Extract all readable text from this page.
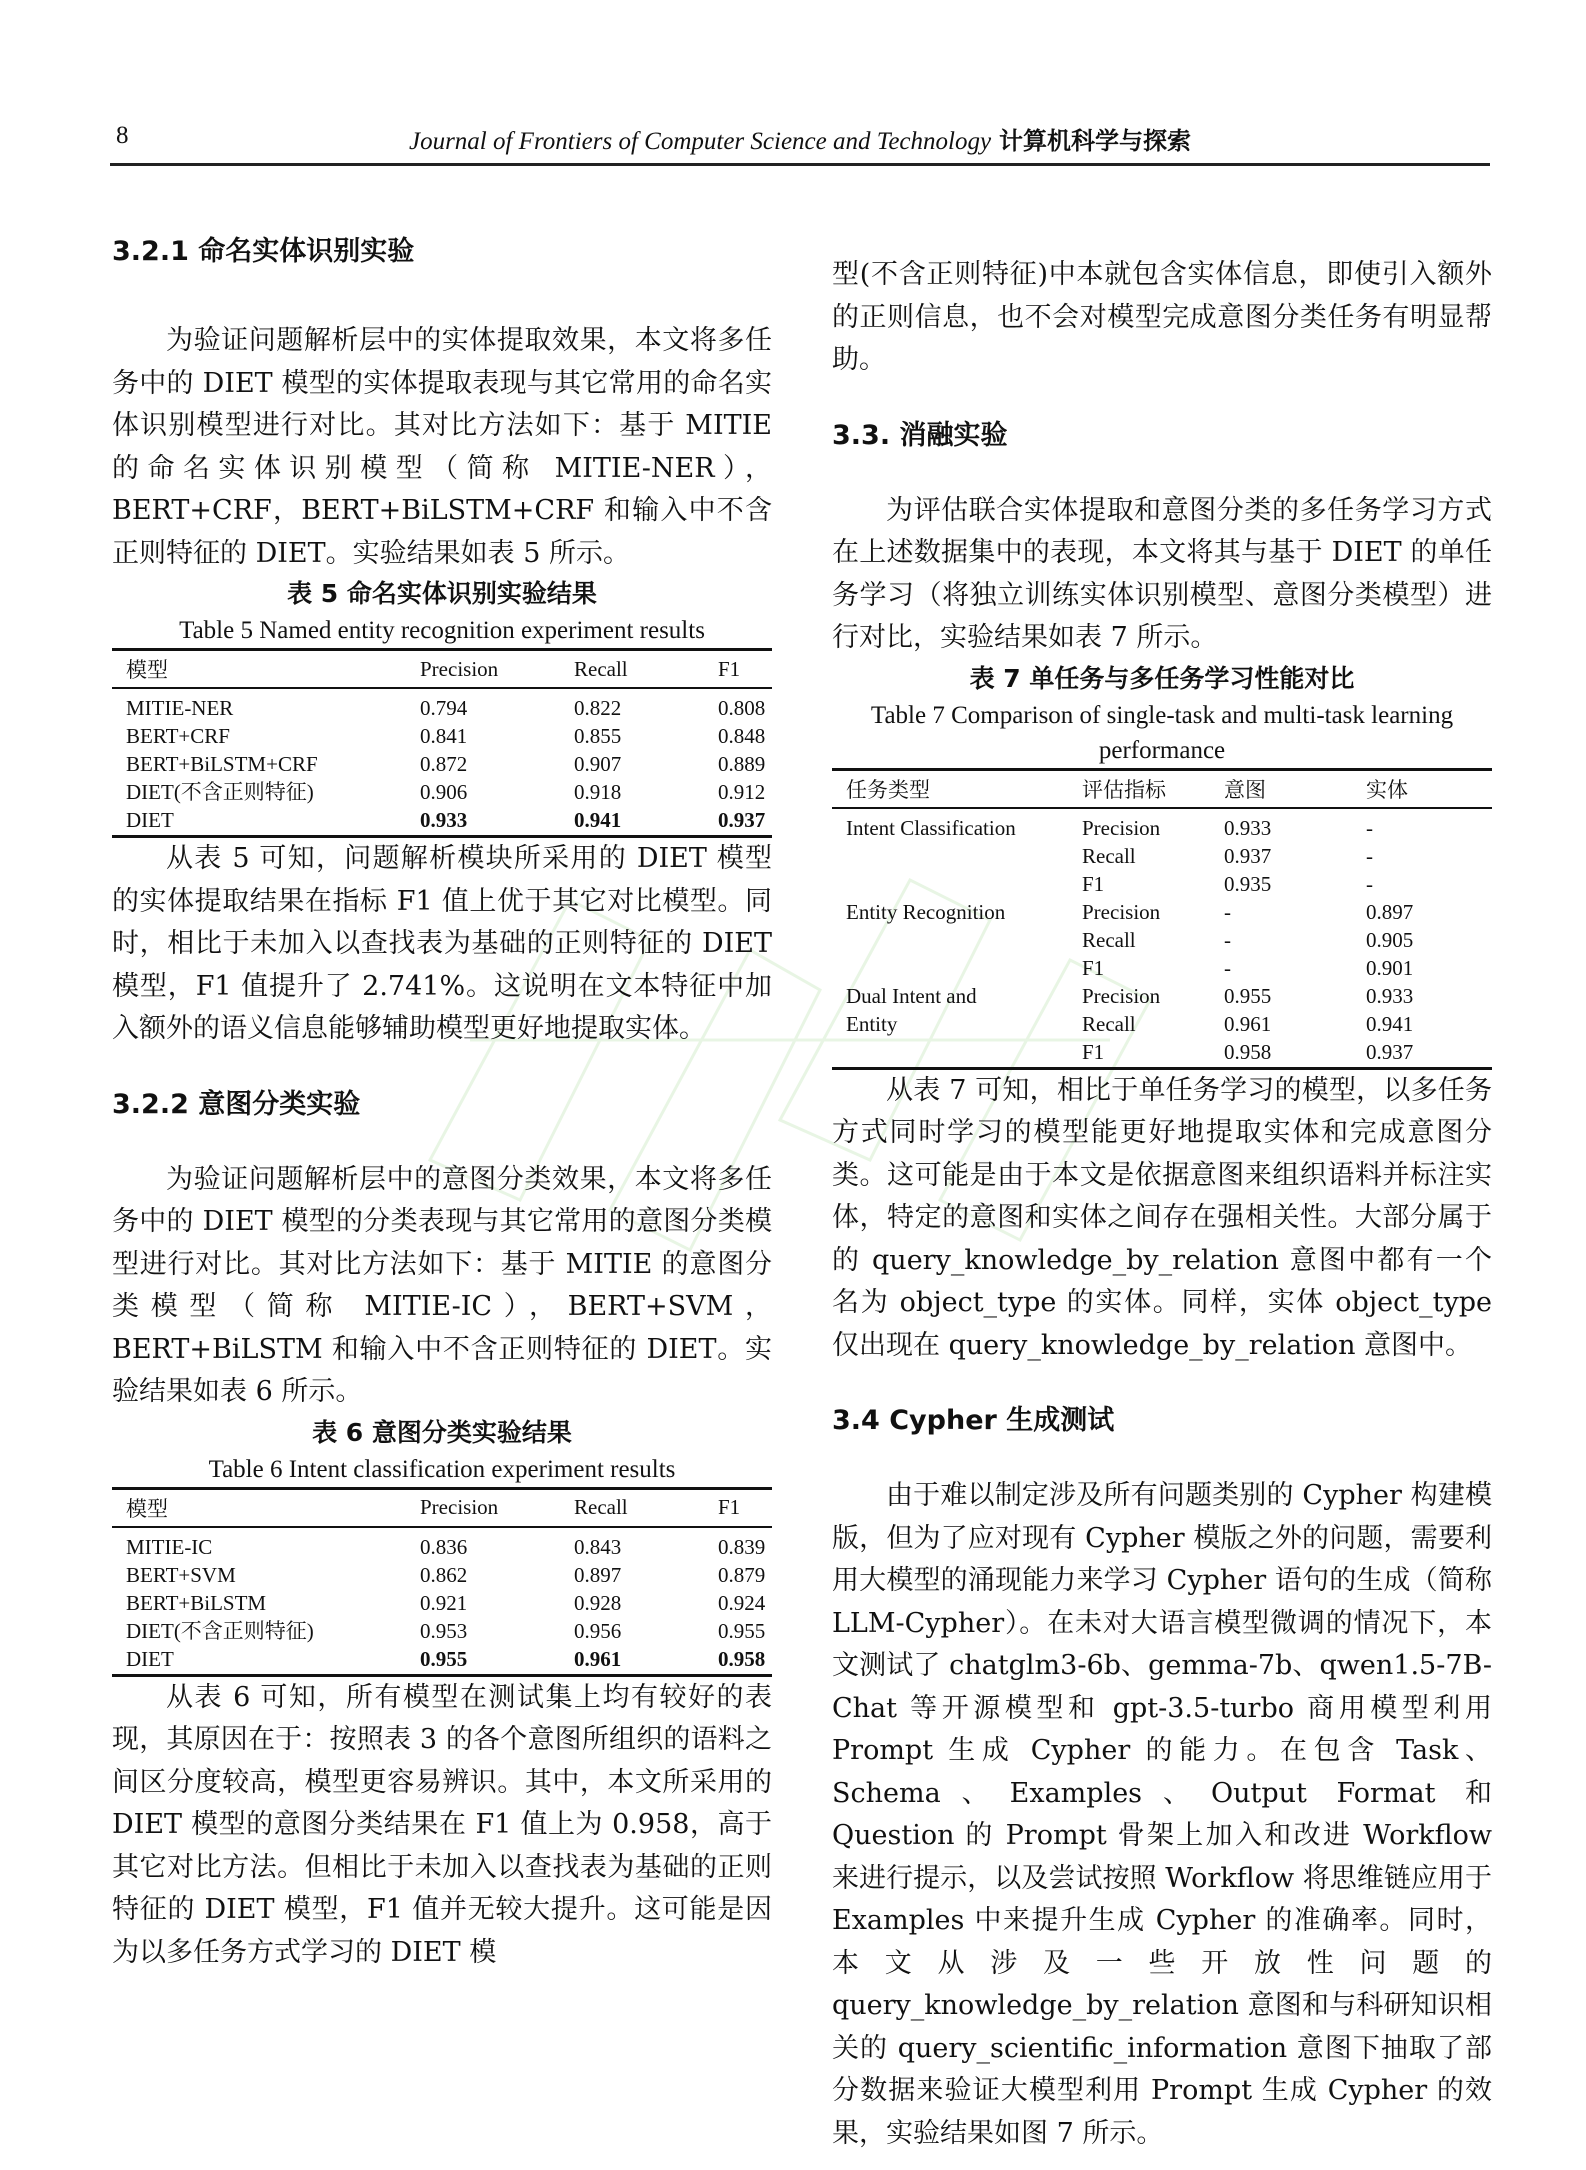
8	Journal of Frontiers of Computer Science and Technology 计算机科学与探索
3.2.1 命名实体识别实验

为验证问题解析层中的实体提取效果，本文将多任务中的 DIET 模型的实体提取表现与其它常用的命名实体识别模型进行对比。其对比方法如下：基于 MITIE 的命名实体识别模型（简称 MITIE-NER），BERT+CRF，BERT+BiLSTM+CRF 和输入中不含正则特征的 DIET。实验结果如表 5 所示。

表 5 命名实体识别实验结果
Table 5 Named entity recognition experiment results
模型	Precision	Recall	F1
MITIE-NER	0.794	0.822	0.808
BERT+CRF	0.841	0.855	0.848
BERT+BiLSTM+CRF	0.872	0.907	0.889
DIET(不含正则特征)	0.906	0.918	0.912
DIET	0.933	0.941	0.937

从表 5 可知，问题解析模块所采用的 DIET 模型的实体提取结果在指标 F1 值上优于其它对比模型。同时，相比于未加入以查找表为基础的正则特征的 DIET 模型，F1 值提升了 2.741%。这说明在文本特征中加入额外的语义信息能够辅助模型更好地提取实体。

3.2.2 意图分类实验

为验证问题解析层中的意图分类效果，本文将多任务中的 DIET 模型的分类表现与其它常用的意图分类模型进行对比。其对比方法如下：基于 MITIE 的意图分类模型（简称 MITIE-IC），BERT+SVM，BERT+BiLSTM 和输入中不含正则特征的 DIET。实验结果如表 6 所示。

表 6 意图分类实验结果
Table 6 Intent classification experiment results
模型	Precision	Recall	F1
MITIE-IC	0.836	0.843	0.839
BERT+SVM	0.862	0.897	0.879
BERT+BiLSTM	0.921	0.928	0.924
DIET(不含正则特征)	0.953	0.956	0.955
DIET	0.955	0.961	0.958

从表 6 可知，所有模型在测试集上均有较好的表现，其原因在于：按照表 3 的各个意图所组织的语料之间区分度较高，模型更容易辨识。其中，本文所采用的 DIET 模型的意图分类结果在 F1 值上为 0.958，高于其它对比方法。但相比于未加入以查找表为基础的正则特征的 DIET 模型，F1 值并无较大提升。这可能是因为以多任务方式学习的 DIET 模

型(不含正则特征)中本就包含实体信息，即使引入额外的正则信息，也不会对模型完成意图分类任务有明显帮助。

3.3. 消融实验

为评估联合实体提取和意图分类的多任务学习方式在上述数据集中的表现，本文将其与基于 DIET 的单任务学习（将独立训练实体识别模型、意图分类模型）进行对比，实验结果如表 7 所示。

表 7 单任务与多任务学习性能对比
Table 7 Comparison of single-task and multi-task learning performance
任务类型	评估指标	意图	实体
Intent Classification	Precision	0.933	-
	Recall	0.937	-
	F1	0.935	-
Entity Recognition	Precision	-	0.897
	Recall	-	0.905
	F1	-	0.901
Dual Intent and	Precision	0.955	0.933
Entity	Recall	0.961	0.941
	F1	0.958	0.937

从表 7 可知，相比于单任务学习的模型，以多任务方式同时学习的模型能更好地提取实体和完成意图分类。这可能是由于本文是依据意图来组织语料并标注实体，特定的意图和实体之间存在强相关性。大部分属于的 query_knowledge_by_relation 意图中都有一个名为 object_type 的实体。同样，实体 object_type 仅出现在 query_knowledge_by_relation 意图中。

3.4 Cypher 生成测试

由于难以制定涉及所有问题类别的 Cypher 构建模版，但为了应对现有 Cypher 模版之外的问题，需要利用大模型的涌现能力来学习 Cypher 语句的生成（简称 LLM-Cypher）。在未对大语言模型微调的情况下，本文测试了 chatglm3-6b、gemma-7b、qwen1.5-7B-Chat 等开源模型和 gpt-3.5-turbo 商用模型利用 Prompt 生成 Cypher 的能力。在包含 Task、Schema、Examples、Output Format 和 Question 的 Prompt 骨架上加入和改进 Workflow 来进行提示，以及尝试按照 Workflow 将思维链应用于 Examples 中来提升生成 Cypher 的准确率。同时，本文从涉及一些开放性问题的 query_knowledge_by_relation 意图和与科研知识相关的 query_scientific_information 意图下抽取了部分数据来验证大模型利用 Prompt 生成 Cypher 的效果，实验结果如图 7 所示。
